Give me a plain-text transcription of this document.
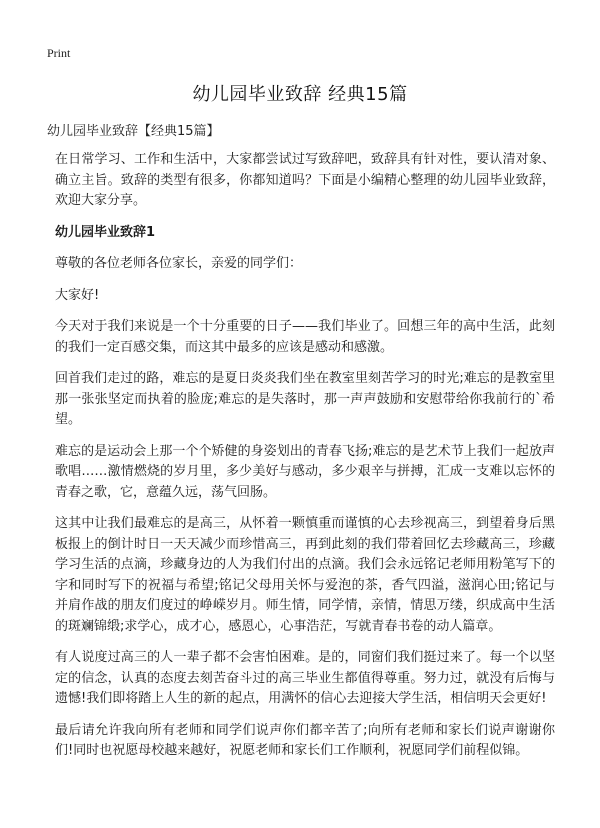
Print
幼儿园毕业致辞 经典15篇
幼儿园毕业致辞【经典15篇】

在日常学习、工作和生活中，大家都尝试过写致辞吧，致辞具有针对性，要认清对象、确立主旨。致辞的类型有很多，你都知道吗？下面是小编精心整理的幼儿园毕业致辞，欢迎大家分享。

幼儿园毕业致辞1

尊敬的各位老师各位家长，亲爱的同学们：

大家好!

今天对于我们来说是一个十分重要的日子——我们毕业了。回想三年的高中生活，此刻的我们一定百感交集，而这其中最多的应该是感动和感激。

回首我们走过的路，难忘的是夏日炎炎我们坐在教室里刻苦学习的时光;难忘的是教室里那一张张坚定而执着的脸庞;难忘的是失落时，那一声声鼓励和安慰带给你我前行的`希望。

难忘的是运动会上那一个个矫健的身姿划出的青春飞扬;难忘的是艺术节上我们一起放声歌唱……激情燃烧的岁月里，多少美好与感动，多少艰辛与拼搏，汇成一支难以忘怀的青春之歌，它，意蕴久远，荡气回肠。

这其中让我们最难忘的是高三，从怀着一颗慎重而谨慎的心去珍视高三，到望着身后黑板报上的倒计时日一天天减少而珍惜高三，再到此刻的我们带着回忆去珍藏高三，珍藏学习生活的点滴，珍藏身边的人为我们付出的点滴。我们会永远铭记老师用粉笔写下的字和同时写下的祝福与希望;铭记父母用关怀与爱泡的茶，香气四溢，滋润心田;铭记与并肩作战的朋友们度过的峥嵘岁月。师生情，同学情，亲情，情思万缕，织成高中生活的斑斓锦缎;求学心，成才心，感恩心，心事浩茫，写就青春书卷的动人篇章。

有人说度过高三的人一辈子都不会害怕困难。是的，同窗们我们挺过来了。每一个以坚定的信念，认真的态度去刻苦奋斗过的高三毕业生都值得尊重。努力过，就没有后悔与遗憾!我们即将踏上人生的新的起点，用满怀的信心去迎接大学生活，相信明天会更好!

最后请允许我向所有老师和同学们说声你们都辛苦了;向所有老师和家长们说声谢谢你们!同时也祝愿母校越来越好，祝愿老师和家长们工作顺利，祝愿同学们前程似锦。
